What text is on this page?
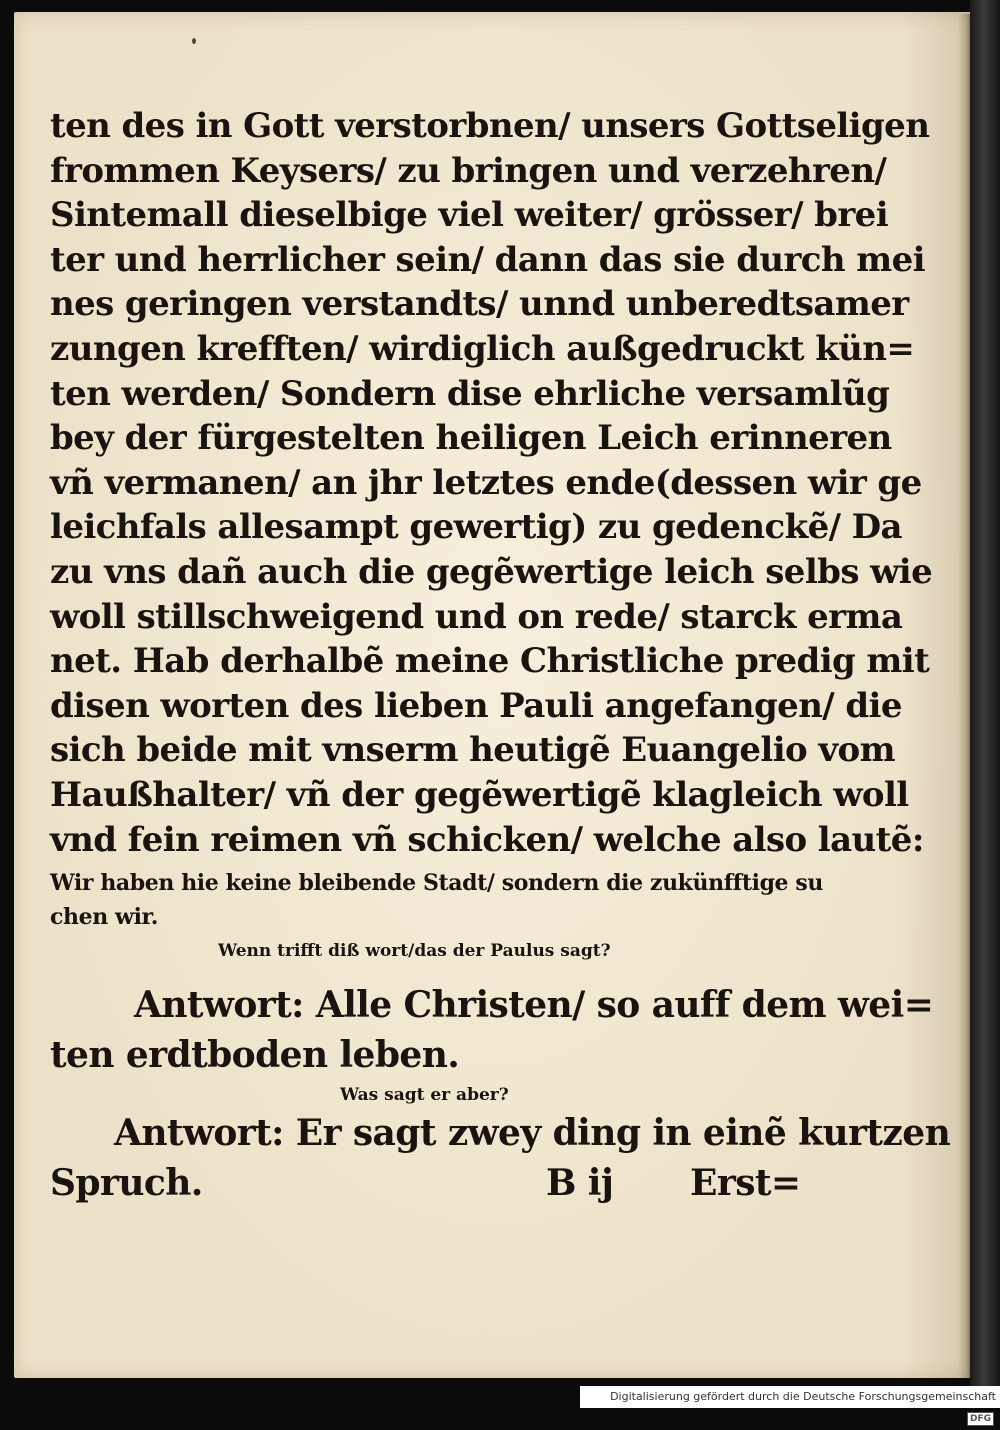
ten des in Gott verstorbnen/ unsers Gottseligen
frommen Keysers/ zu bringen und verzehren/
Sintemall dieselbige viel weiter/ grösser/ brei
ter und herrlicher sein/ dann das sie durch mei
nes geringen verstandts/ unnd unberedtsamer
zungen krefften/ wirdiglich außgedruckt kün=
ten werden/ Sondern dise ehrliche versamlũg
bey der fürgestelten heiligen Leich erinneren
vñ vermanen/ an jhr letztes ende(dessen wir ge
leichfals allesampt gewertig) zu gedenckẽ/ Da
zu vns dañ auch die gegẽwertige leich selbs wie
woll stillschweigend und on rede/ starck erma
net. Hab derhalbẽ meine Christliche predig mit
disen worten des lieben Pauli angefangen/ die
sich beide mit vnserm heutigẽ Euangelio vom
Haußhalter/ vñ der gegẽwertigẽ klagleich woll
vnd fein reimen vñ schicken/ welche also lautẽ:
Wir haben hie keine bleibende Stadt/ sondern die zukünfftige su
chen wir.
Wenn trifft diß wort/das der Paulus sagt?
Antwort: Alle Christen/ so auff dem wei=
ten erdtboden leben.
Was sagt er aber?
Antwort: Er sagt zwey ding in einẽ kurtzen
Spruch.	B ij Erst=
Digitalisierung gefördert durch die Deutsche Forschungsgemeinschaft DFG
